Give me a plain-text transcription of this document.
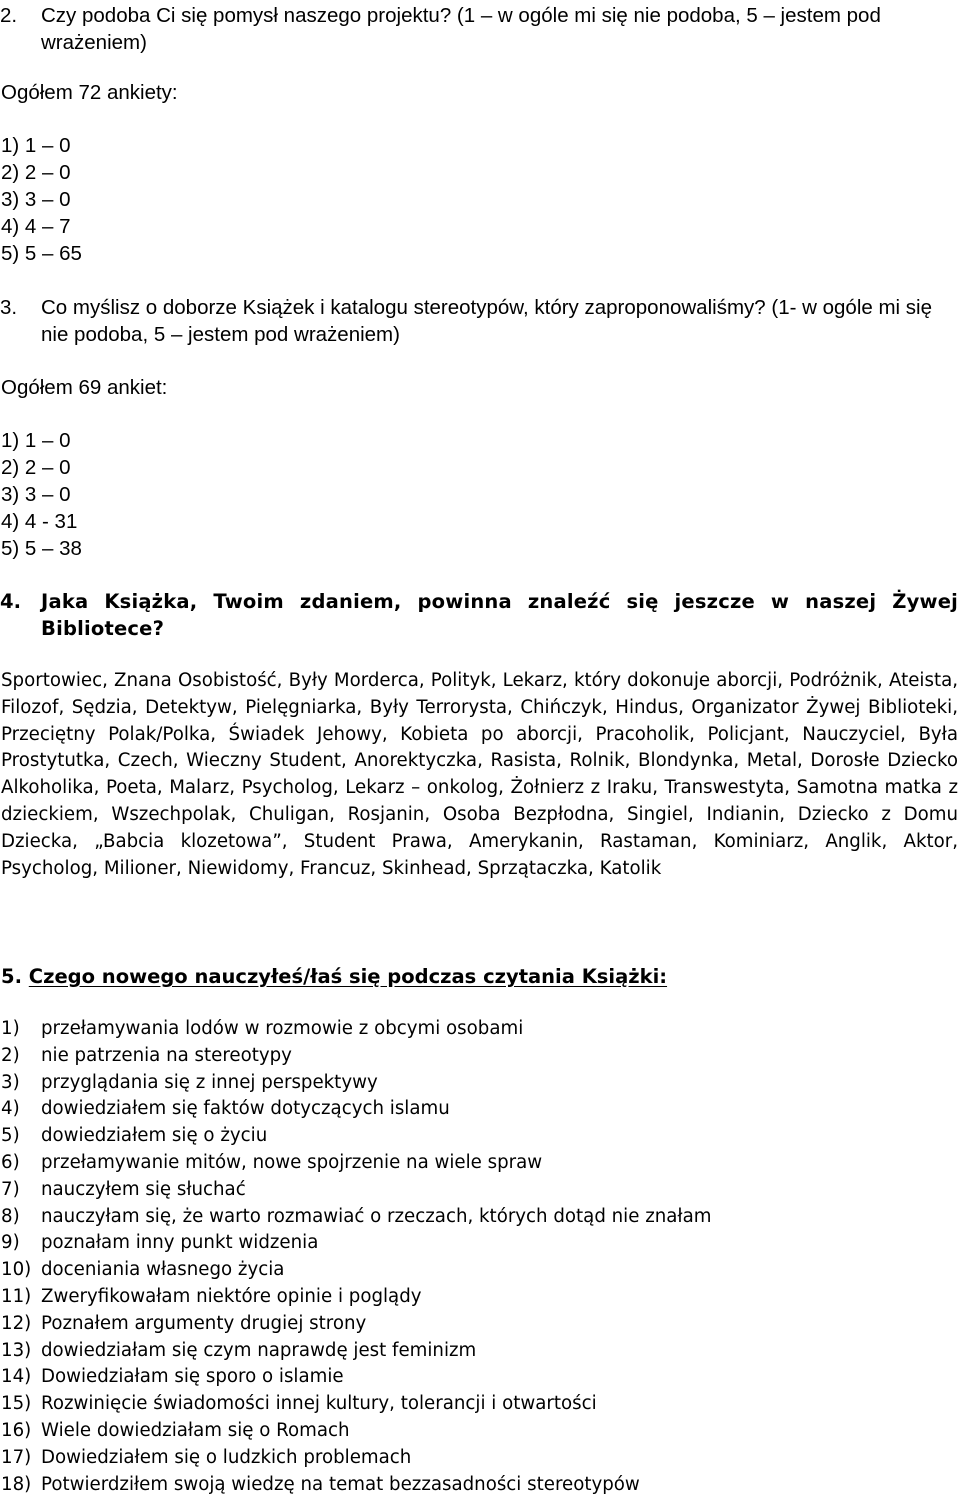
2.	Czy podoba Ci się pomysł naszego projektu? (1 – w ogóle mi się nie podoba, 5 – jestem pod wrażeniem)
Ogółem 72 ankiety:
1) 1 – 0
2) 2 – 0
3) 3 – 0
4) 4 – 7
5) 5 – 65
3.	Co myślisz o doborze Książek i katalogu stereotypów, który zaproponowaliśmy? (1- w ogóle mi się nie podoba, 5 – jestem pod wrażeniem)
Ogółem 69 ankiet:
1) 1 – 0
2) 2 – 0
3) 3 – 0
4) 4 - 31
5) 5 – 38
4.	Jaka Książka, Twoim zdaniem, powinna znaleźć się jeszcze w naszej Żywej Bibliotece?
Sportowiec, Znana Osobistość, Były Morderca, Polityk, Lekarz, który dokonuje aborcji, Podróżnik, Ateista, Filozof, Sędzia, Detektyw, Pielęgniarka, Były Terrorysta, Chińczyk, Hindus, Organizator Żywej Biblioteki, Przeciętny Polak/Polka, Świadek Jehowy, Kobieta po aborcji, Pracoholik, Policjant, Nauczyciel, Była Prostytutka, Czech, Wieczny Student, Anorektyczka, Rasista, Rolnik, Blondynka, Metal, Dorosłe Dziecko Alkoholika, Poeta, Malarz, Psycholog, Lekarz – onkolog, Żołnierz z Iraku, Transwestyta, Samotna matka z dzieckiem, Wszechpolak, Chuligan, Rosjanin, Osoba Bezpłodna, Singiel, Indianin, Dziecko z Domu Dziecka, „Babcia klozetowa”, Student Prawa, Amerykanin, Rastaman, Kominiarz, Anglik, Aktor, Psycholog, Milioner, Niewidomy, Francuz, Skinhead, Sprzątaczka, Katolik
5. Czego nowego nauczyłeś/łaś się podczas czytania Książki:
1) przełamywania lodów w rozmowie z obcymi osobami
2) nie patrzenia na stereotypy
3) przyglądania się z innej perspektywy
4) dowiedziałem się faktów dotyczących islamu
5) dowiedziałem się o życiu
6) przełamywanie mitów, nowe spojrzenie na wiele spraw
7) nauczyłem się słuchać
8) nauczyłam się, że warto rozmawiać o rzeczach, których dotąd nie znałam
9) poznałam inny punkt widzenia
10) doceniania własnego życia
11) Zweryfikowałam niektóre opinie i poglądy
12) Poznałem argumenty drugiej strony
13) dowiedziałam się czym naprawdę jest feminizm
14) Dowiedziałam się sporo o islamie
15) Rozwinięcie świadomości innej kultury, tolerancji i otwartości
16) Wiele dowiedziałam się o Romach
17) Dowiedziałem się o ludzkich problemach
18) Potwierdziłem swoją wiedzę na temat bezzasadności stereotypów
